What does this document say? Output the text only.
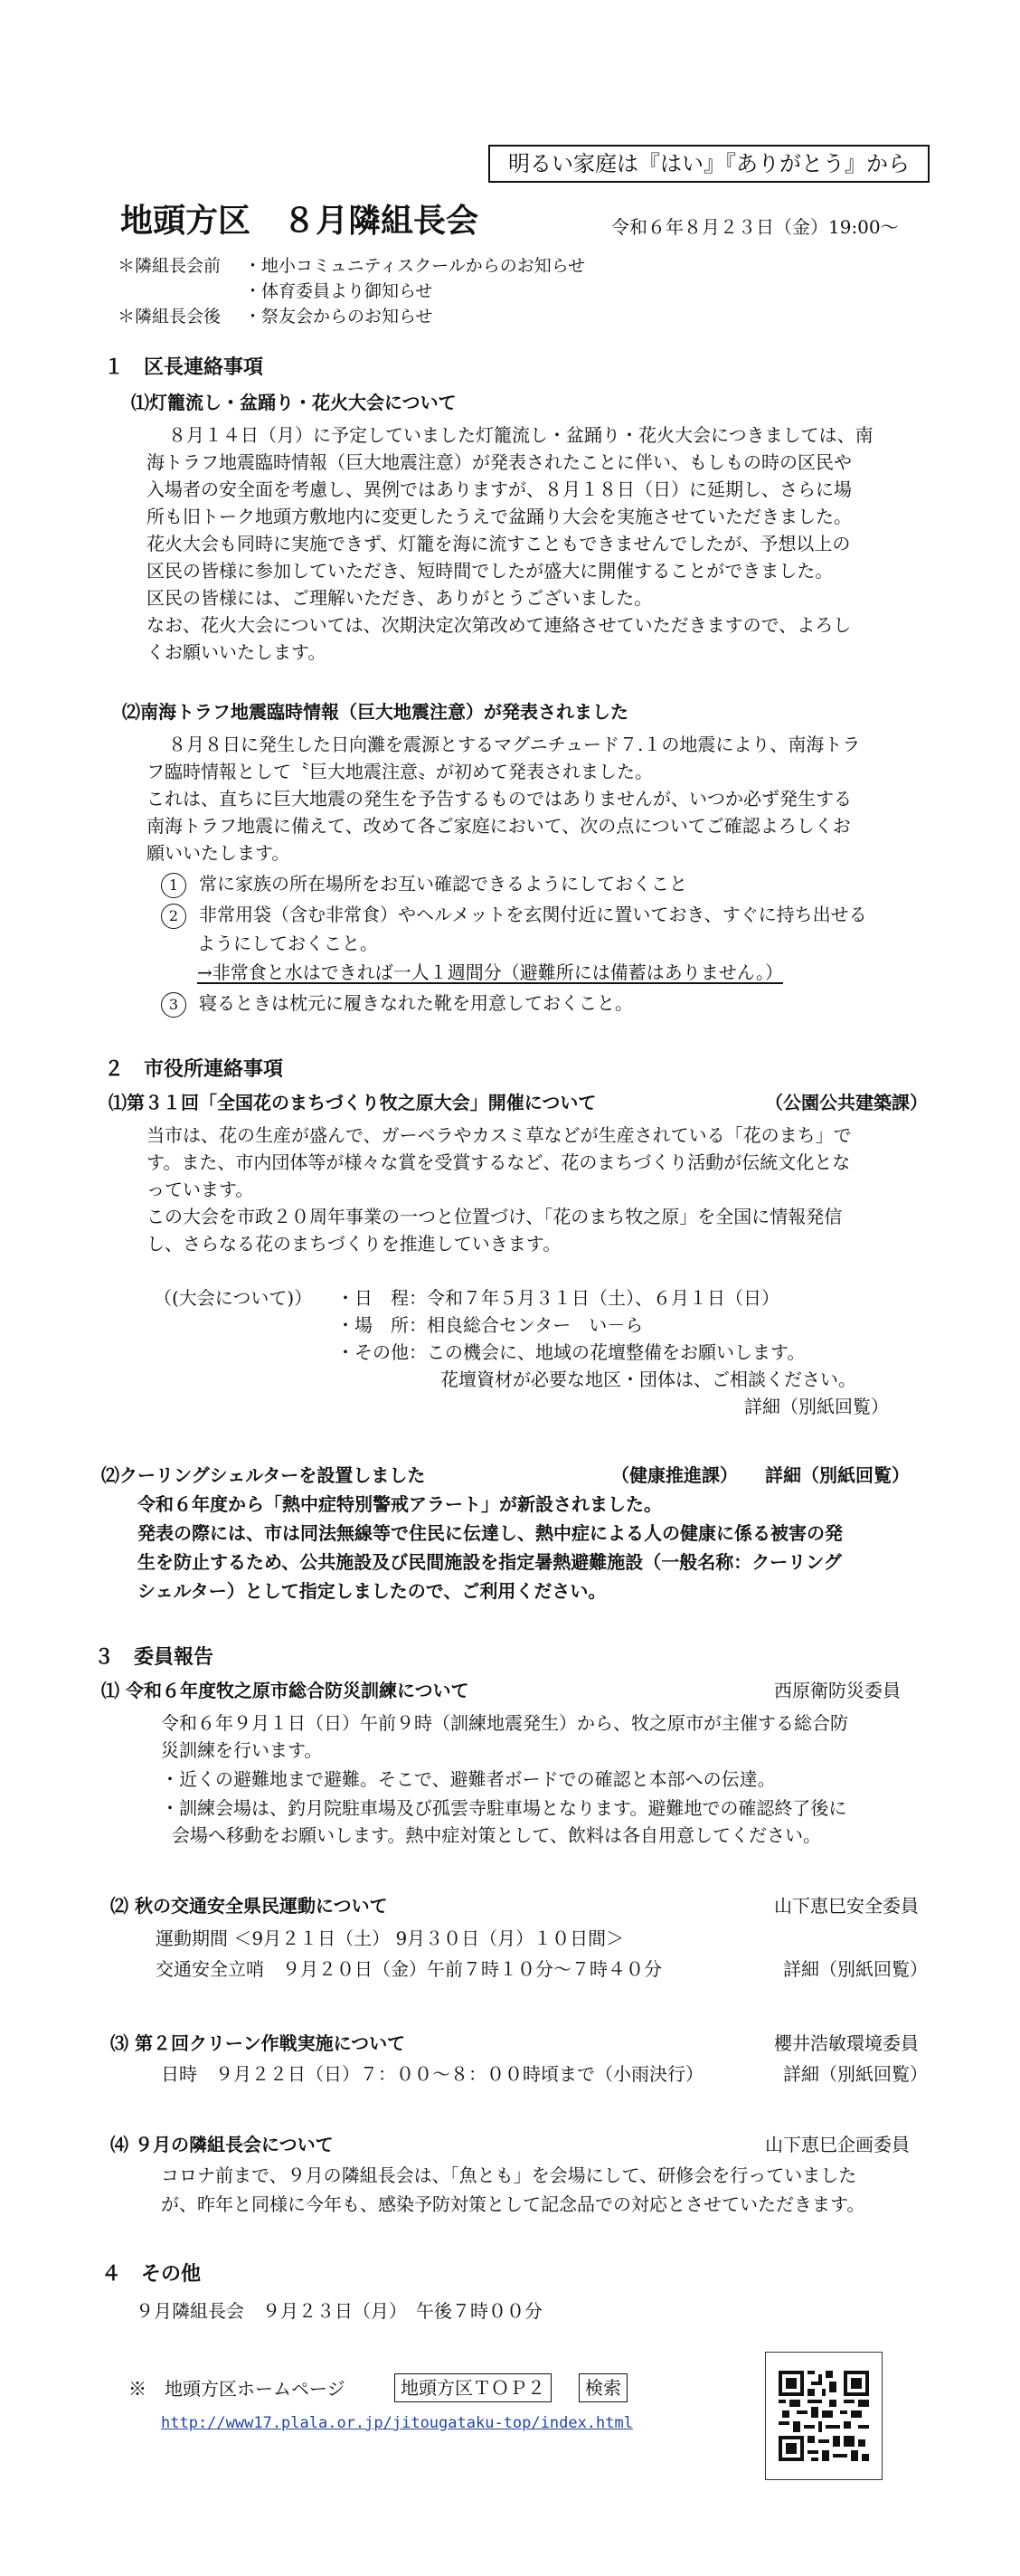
明るい家庭は『はい』『ありがとう』から
地頭方区　８月隣組長会	令和６年８月２３日（金）19:00～
＊隣組長会前 ・地小コミュニティスクールからのお知らせ
・体育委員より御知らせ
＊隣組長会後 ・祭友会からのお知らせ
１　区長連絡事項
⑴灯籠流し・盆踊り・花火大会について
８月１４日（月）に予定していました灯籠流し・盆踊り・花火大会につきましては、南
海トラフ地震臨時情報（巨大地震注意）が発表されたことに伴い、もしもの時の区民や
入場者の安全面を考慮し、異例ではありますが、８月１８日（日）に延期し、さらに場
所も旧トーク地頭方敷地内に変更したうえで盆踊り大会を実施させていただきました。
花火大会も同時に実施できず、灯籠を海に流すこともできませんでしたが、予想以上の
区民の皆様に参加していただき、短時間でしたが盛大に開催することができました。
区民の皆様には、ご理解いただき、ありがとうございました。
なお、花火大会については、次期決定次第改めて連絡させていただきますので、よろし
くお願いいたします。
⑵南海トラフ地震臨時情報（巨大地震注意）が発表されました
８月８日に発生した日向灘を震源とするマグニチュード７.１の地震により、南海トラ
フ臨時情報として〝巨大地震注意〟が初めて発表されました。
これは、直ちに巨大地震の発生を予告するものではありませんが、いつか必ず発生する
南海トラフ地震に備えて、改めて各ご家庭において、次の点についてご確認よろしくお
願いいたします。
1 常に家族の所在場所をお互い確認できるようにしておくこと
2 非常用袋（含む非常食）やヘルメットを玄関付近に置いておき、すぐに持ち出せる
ようにしておくこと。
→非常食と水はできれば一人１週間分（避難所には備蓄はありません。）
3 寝るときは枕元に履きなれた靴を用意しておくこと。
２　市役所連絡事項
⑴第３１回「全国花のまちづくり牧之原大会」開催について	（公園公共建築課）
当市は、花の生産が盛んで、ガーベラやカスミ草などが生産されている「花のまち」で
す。また、市内団体等が様々な賞を受賞するなど、花のまちづくり活動が伝統文化とな
っています。
この大会を市政２０周年事業の一つと位置づけ、「花のまち牧之原」を全国に情報発信
し、さらなる花のまちづくりを推進していきます。
（(大会について)） ・日　程：令和７年５月３１日（土）、６月１日（日）
・場　所：相良総合センター　い－ら
・その他：この機会に、地域の花壇整備をお願いします。
花壇資材が必要な地区・団体は、ご相談ください。
詳細（別紙回覧）
⑵クーリングシェルターを設置しました	（健康推進課） 詳細（別紙回覧）
令和６年度から「熱中症特別警戒アラート」が新設されました。
発表の際には、市は同法無線等で住民に伝達し、熱中症による人の健康に係る被害の発
生を防止するため、公共施設及び民間施設を指定暑熱避難施設（一般名称：クーリング
シェルター）として指定しましたので、ご利用ください。
３　委員報告
⑴ 令和６年度牧之原市総合防災訓練について	西原衛防災委員
令和６年９月１日（日）午前９時（訓練地震発生）から、牧之原市が主催する総合防
災訓練を行います。
・近くの避難地まで避難。そこで、避難者ボードでの確認と本部への伝達。
・訓練会場は、釣月院駐車場及び孤雲寺駐車場となります。避難地での確認終了後に
会場へ移動をお願いします。熱中症対策として、飲料は各自用意してください。
⑵ 秋の交通安全県民運動について	山下恵巳安全委員
運動期間 ＜9月２１日（土） 9月３０日（月）１０日間＞
交通安全立哨　９月２０日（金）午前７時１０分～７時４０分	詳細（別紙回覧）
⑶ 第２回クリーン作戦実施について	櫻井浩敏環境委員
日時　９月２２日（日）７：００～８：００時頃まで（小雨決行）	詳細（別紙回覧）
⑷ ９月の隣組長会について	山下恵巳企画委員
コロナ前まで、９月の隣組長会は、「魚とも」を会場にして、研修会を行っていました
が、昨年と同様に今年も、感染予防対策として記念品での対応とさせていただきます。
４　その他
９月隣組長会　９月２３日（月）　午後７時００分
※　地頭方区ホームページ	地頭方区ＴＯＰ２	検索
http://www17.plala.or.jp/jitougataku-top/index.html
